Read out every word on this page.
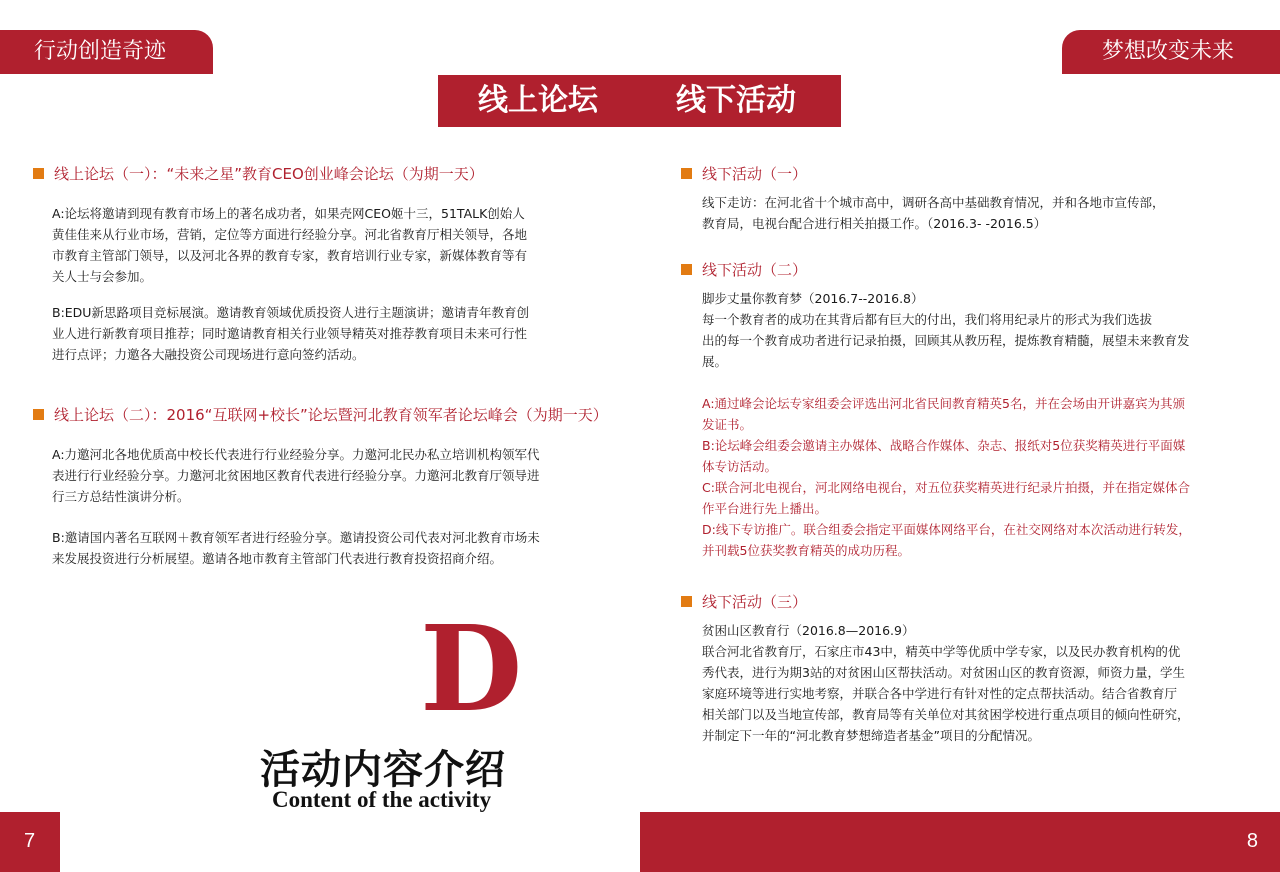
行动创造奇迹	梦想改变未来
线上论坛	线下活动
线上论坛（一）：“未来之星”教育CEO创业峰会论坛（为期一天）
A:论坛将邀请到现有教育市场上的著名成功者，如果壳网CEO姬十三，51TALK创始人
黄佳佳来从行业市场，营销，定位等方面进行经验分享。河北省教育厅相关领导，各地
市教育主管部门领导，以及河北各界的教育专家，教育培训行业专家，新媒体教育等有
关人士与会参加。
B:EDU新思路项目竞标展演。邀请教育领域优质投资人进行主题演讲；邀请青年教育创
业人进行新教育项目推荐；同时邀请教育相关行业领导精英对推荐教育项目未来可行性
进行点评；力邀各大融投资公司现场进行意向签约活动。
线上论坛（二）：2016“互联网+校长”论坛暨河北教育领军者论坛峰会（为期一天）
A:力邀河北各地优质高中校长代表进行行业经验分享。力邀河北民办私立培训机构领军代
表进行行业经验分享。力邀河北贫困地区教育代表进行经验分享。力邀河北教育厅领导进
行三方总结性演讲分析。
B:邀请国内著名互联网＋教育领军者进行经验分享。邀请投资公司代表对河北教育市场未
来发展投资进行分析展望。邀请各地市教育主管部门代表进行教育投资招商介绍。
D
活动内容介绍
Content of the activity
线下活动（一）
线下走访：在河北省十个城市高中，调研各高中基础教育情况，并和各地市宣传部，
教育局，电视台配合进行相关拍摄工作。（2016.3- -2016.5）
线下活动（二）
脚步丈量你教育梦（2016.7--2016.8）
每一个教育者的成功在其背后都有巨大的付出，我们将用纪录片的形式为我们选拔
出的每一个教育成功者进行记录拍摄，回顾其从教历程，提炼教育精髓，展望未来教育发
展。
A:通过峰会论坛专家组委会评选出河北省民间教育精英5名，并在会场由开讲嘉宾为其颁
发证书。
B:论坛峰会组委会邀请主办媒体、战略合作媒体、杂志、报纸对5位获奖精英进行平面媒
体专访活动。
C:联合河北电视台，河北网络电视台，对五位获奖精英进行纪录片拍摄，并在指定媒体合
作平台进行先上播出。
D:线下专访推广。联合组委会指定平面媒体网络平台，在社交网络对本次活动进行转发，
并刊载5位获奖教育精英的成功历程。
线下活动（三）
贫困山区教育行（2016.8—2016.9）
联合河北省教育厅，石家庄市43中，精英中学等优质中学专家，以及民办教育机构的优
秀代表，进行为期3站的对贫困山区帮扶活动。对贫困山区的教育资源，师资力量，学生
家庭环境等进行实地考察，并联合各中学进行有针对性的定点帮扶活动。结合省教育厅
相关部门以及当地宣传部，教育局等有关单位对其贫困学校进行重点项目的倾向性研究，
并制定下一年的“河北教育梦想缔造者基金”项目的分配情况。
7	8
